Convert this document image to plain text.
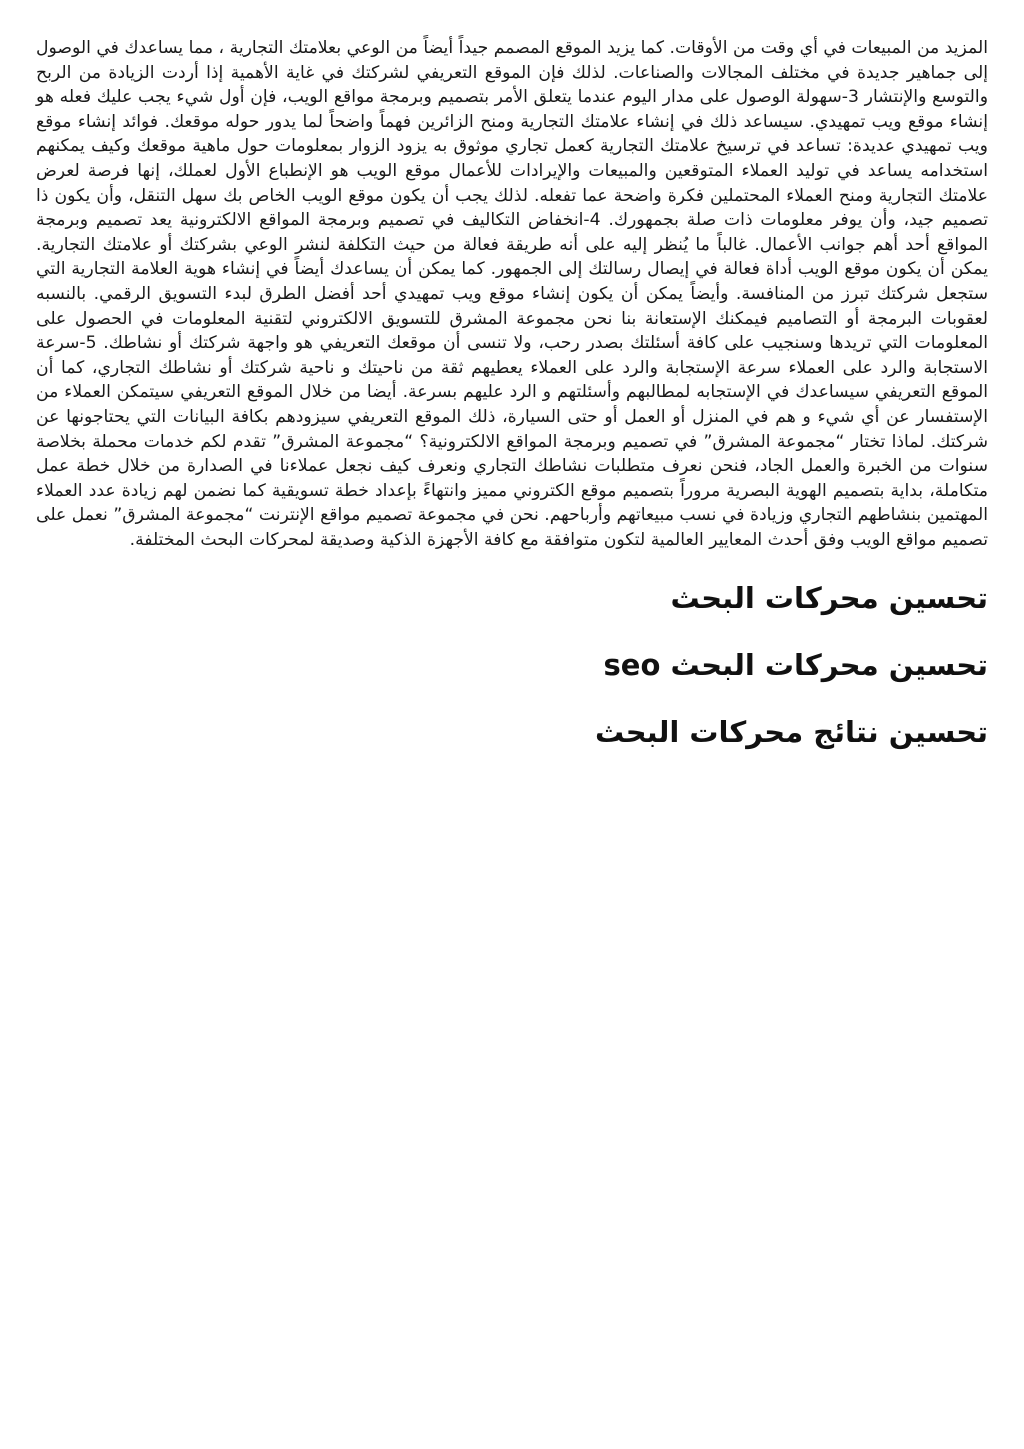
المزيد من المبيعات في أي وقت من الأوقات. كما يزيد الموقع المصمم جيداً أيضاً من الوعي بعلامتك التجارية ، مما يساعدك في الوصول إلى جماهير جديدة في مختلف المجالات والصناعات. لذلك فإن الموقع التعريفي لشركتك في غاية الأهمية إذا أردت الزيادة من الربح والتوسع والإنتشار 3-سهولة الوصول على مدار اليوم عندما يتعلق الأمر بتصميم وبرمجة مواقع الويب، فإن أول شيء يجب عليك فعله هو إنشاء موقع ويب تمهيدي. سيساعد ذلك في إنشاء علامتك التجارية ومنح الزائرين فهماً واضحاً لما يدور حوله موقعك. فوائد إنشاء موقع ويب تمهيدي عديدة: تساعد في ترسيخ علامتك التجارية كعمل تجاري موثوق به يزود الزوار بمعلومات حول ماهية موقعك وكيف يمكنهم استخدامه يساعد في توليد العملاء المتوقعين والمبيعات والإيرادات للأعمال موقع الويب هو الإنطباع الأول لعملك، إنها فرصة لعرض علامتك التجارية ومنح العملاء المحتملين فكرة واضحة عما تفعله. لذلك يجب أن يكون موقع الويب الخاص بك سهل التنقل، وأن يكون ذا تصميم جيد، وأن يوفر معلومات ذات صلة بجمهورك. 4-انخفاض التكاليف في تصميم وبرمجة المواقع الالكترونية يعد تصميم وبرمجة المواقع أحد أهم جوانب الأعمال. غالباً ما يُنظر إليه على أنه طريقة فعالة من حيث التكلفة لنشر الوعي بشركتك أو علامتك التجارية. يمكن أن يكون موقع الويب أداة فعالة في إيصال رسالتك إلى الجمهور. كما يمكن أن يساعدك أيضاً في إنشاء هوية العلامة التجارية التي ستجعل شركتك تبرز من المنافسة. وأيضاً يمكن أن يكون إنشاء موقع ويب تمهيدي أحد أفضل الطرق لبدء التسويق الرقمي. بالنسبه لعقوبات البرمجة أو التصاميم فيمكنك الإستعانة بنا نحن مجموعة المشرق للتسويق الالكتروني لتقنية المعلومات في الحصول على المعلومات التي تريدها وسنجيب على كافة أسئلتك بصدر رحب، ولا تنسى أن موقعك التعريفي هو واجهة شركتك أو نشاطك. 5-سرعة الاستجابة والرد على العملاء سرعة الإستجابة والرد على العملاء يعطيهم ثقة من ناحيتك و ناحية شركتك أو نشاطك التجاري، كما أن الموقع التعريفي سيساعدك في الإستجابه لمطالبهم وأسئلتهم و الرد عليهم بسرعة. أيضا من خلال الموقع التعريفي سيتمكن العملاء من الإستفسار عن أي شيء و هم في المنزل أو العمل أو حتى السيارة، ذلك الموقع التعريفي سيزودهم بكافة البيانات التي يحتاجونها عن شركتك. لماذا تختار “مجموعة المشرق” في تصميم وبرمجة المواقع الالكترونية؟ “مجموعة المشرق” تقدم لكم خدمات محملة بخلاصة سنوات من الخبرة والعمل الجاد، فنحن نعرف متطلبات نشاطك التجاري ونعرف كيف نجعل عملاءنا في الصدارة من خلال خطة عمل متكاملة، بداية بتصميم الهوية البصرية مروراً بتصميم موقع الكتروني مميز وانتهاءً بإعداد خطة تسويقية كما نضمن لهم زيادة عدد العملاء المهتمين بنشاطهم التجاري وزيادة في نسب مبيعاتهم وأرباحهم. نحن في مجموعة تصميم مواقع الإنترنت “مجموعة المشرق” نعمل على تصميم مواقع الويب وفق أحدث المعايير العالمية لتكون متوافقة مع كافة الأجهزة الذكية وصديقة لمحركات البحث المختلفة.

تحسين محركات البحث
تحسين محركات البحث seo
تحسين نتائج محركات البحث
